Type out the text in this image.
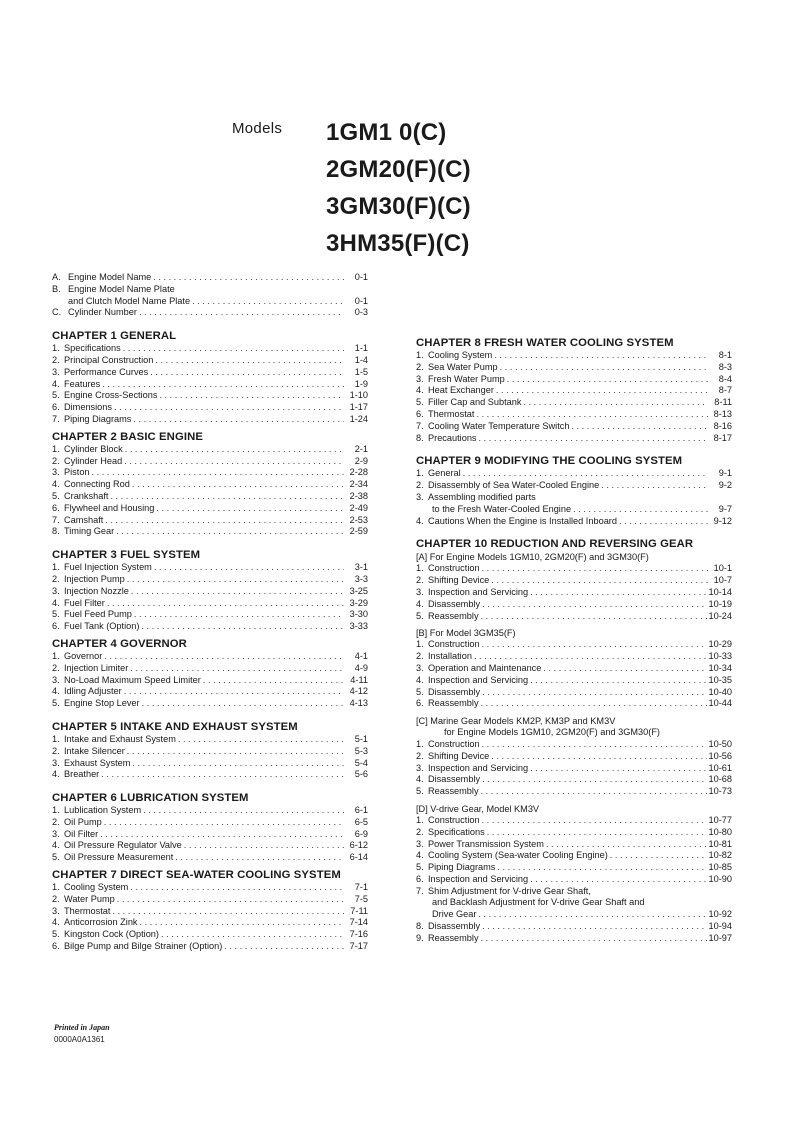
Models 1GM1 0(C)
2GM20(F)(C)
3GM30(F)(C)
3HM35(F)(C)
A. Engine Model Name . . .	0-1
B. Engine Model Name Plate
and Clutch Model Name Plate . . .	0-1
C. Cylinder Number . . .	0-3
CHAPTER 1 GENERAL
1. Specifications . . .	1-1
2. Principal Construction . . .	1-4
3. Performance Curves . . .	1-5
4. Features . . .	1-9
5. Engine Cross-Sections . . .	1-10
6. Dimensions . . .	1-17
7. Piping Diagrams . . .	1-24
CHAPTER 2 BASIC ENGINE
1. Cylinder Block . . .	2-1
2. Cylinder Head . . .	2-9
3. Piston . . .	2-28
4. Connecting Rod . . .	2-34
5. Crankshaft . . .	2-38
6. Flywheel and Housing . . .	2-49
7. Camshaft . . .	2-53
8. Timing Gear . . .	2-59
CHAPTER 3 FUEL SYSTEM
1. Fuel Injection System . . .	3-1
2. Injection Pump . . .	3-3
3. Injection Nozzle . . .	3-25
4. Fuel Filter . . .	3-29
5. Fuel Feed Pump . . .	3-30
6. Fuel Tank (Option) . . .	3-33
CHAPTER 4 GOVERNOR
1. Governor . . .	4-1
2. Injection Limiter . . .	4-9
3. No-Load Maximum Speed Limiter . . .	4-11
4. Idling Adjuster . . .	4-12
5. Engine Stop Lever . . .	4-13
CHAPTER 5 INTAKE AND EXHAUST SYSTEM
1. Intake and Exhaust System . . .	5-1
2. Intake Silencer . . .	5-3
3. Exhaust System . . .	5-4
4. Breather . . .	5-6
CHAPTER 6 LUBRICATION SYSTEM
1. Lublication System . . .	6-1
2. Oil Pump . . .	6-5
3. Oil Filter . . .	6-9
4. Oil Pressure Regulator Valve . . .	6-12
5. Oil Pressure Measurement . . .	6-14
CHAPTER 7 DIRECT SEA-WATER COOLING SYSTEM
1. Cooling System . . .	7-1
2. Water Pump . . .	7-5
3. Thermostat . . .	7-11
4. Anticorrosion Zink . . .	7-14
5. Kingston Cock (Option) . . .	7-16
6. Bilge Pump and Bilge Strainer (Option) . . .	7-17
CHAPTER 8 FRESH WATER COOLING SYSTEM
1. Cooling System . . .	8-1
2. Sea Water Pump . . .	8-3
3. Fresh Water Pump . . .	8-4
4. Heat Exchanger . . .	8-7
5. Filler Cap and Subtank . . .	8-11
6. Thermostat . . .	8-13
7. Cooling Water Temperature Switch . . .	8-16
8. Precautions . . .	8-17
CHAPTER 9 MODIFYING THE COOLING SYSTEM
1. General . . .	9-1
2. Disassembly of Sea Water-Cooled Engine . . .	9-2
3. Assembling modified parts
to the Fresh Water-Cooled Engine . . .	9-7
4. Cautions When the Engine is Installed Inboard . . .	9-12
CHAPTER 10 REDUCTION AND REVERSING GEAR
[A] For Engine Models 1GM10, 2GM20(F) and 3GM30(F)
1. Construction . . .	10-1
2. Shifting Device . . .	10-7
3. Inspection and Servicing . . .	10-14
4. Disassembly . . .	10-19
5. Reassembly . . .	10-24
[B] For Model 3GM35(F)
1. Construction . . .	10-29
2. Installation . . .	10-33
3. Operation and Maintenance . . .	10-34
4. Inspection and Servicing . . .	10-35
5. Disassembly . . .	10-40
6. Reassembly . . .	10-44
[C] Marine Gear Models KM2P, KM3P and KM3V
for Engine Models 1GM10, 2GM20(F) and 3GM30(F)
1. Construction . . .	10-50
2. Shifting Device . . .	10-56
3. Inspection and Servicing . . .	10-61
4. Disassembly . . .	10-68
5. Reassembly . . .	10-73
[D] V-drive Gear, Model KM3V
1. Construction . . .	10-77
2. Specifications . . .	10-80
3. Power Transmission System . . .	10-81
4. Cooling System (Sea-water Cooling Engine) . . .	10-82
5. Piping Diagrams . . .	10-85
6. Inspection and Servicing . . .	10-90
7. Shim Adjustment for V-drive Gear Shaft,
and Backlash Adjustment for V-drive Gear Shaft and
Drive Gear . . .	10-92
8. Disassembly . . .	10-94
9. Reassembly . . .	10-97
Printed in Japan
0000A0A1361
